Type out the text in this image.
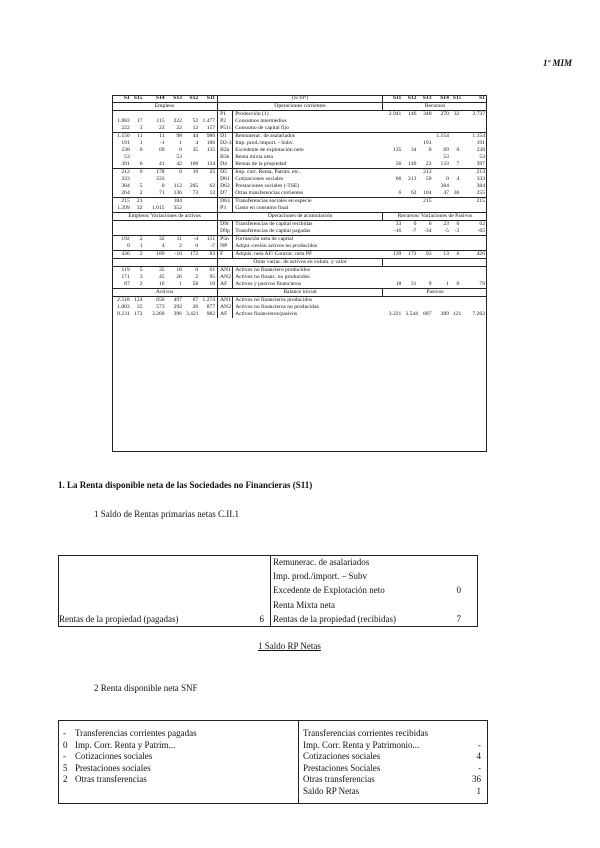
1º MIM
S1	S15	S14	S13	S12	S11	(S/10⁹)		S11	S12	S13	S14	S15	S1
Empleos						Operaciones corrientes		Recursos					
						P1	Producción (1)	2.941	146	348	270	32	3.737
1.883	17	115	222	52	1.477	P2	Consumos intermedios						
222	3	23	22	12	157	P51c	Consumo de capital fijo						
1.150	11	11	98	44	986	D1	Remunerac. de asalariados				1.154		1.154
191	1	-1	1	4	186	D2-3	Imp. prod./import. - Subv.			191			191
238	0	69	0	35	135	B2n	Excedente de explotación neto	135	34	0	69	0	238
53			53			B3n	Renta mixta neta				53		53
391	6	41	42	168	134	D4	Rentas de la propiedad	56	149	22	133	7	397
212	0	178	0	10	25	D5	Imp. corr. Renta, Patrim. etc.			213			213
333		333				D61	Cotizaciones sociales	66	213	50	0	4	333
384	5	0	112	205	62	D62	Prestaciones sociales (-TSE)				384		384
264	2	71	136	73	12	D7	Otras transferencias corrientes	6	62	104	47	36	255
215	21		184			D63	Transferencias sociales en especie			215			215
1.399	32	1.015	352			P3	Gasto en consumo final						
Empleos/ Variaciones de activos						Operaciones de acumulación		Recursos/ Variaciones de Pasivos					
						D9r	Transferencias de capital recibidas	33	0	6	23	0	62
						D9p	Transferencias de capital pagadas	-16	-7	-34	-5	-3	-65
192	2	32	11	-4	151	P5n	Formación neta de capital						
0	1	4	2	0	-7	NP	Adqui.-cesión activos no producidos						
436	2	189	-10	172	83	F	Adquis. neta AF/ Contrac. neta PF	139	173	93	13	6	426
						Otras variac. de activos en volum. y valor							
119	5	35	18	0	61	AN1	Activos no financiero producidos						
171	3	45	26	2	95	AN2	Activos no financ. no producidos						
87	2	16	1	58	10	AF	Activos y pasivos financieros	18	31	9	1	0	79
Activos						Balance inicial		Pasivos					
2.518	124	856	497	67	1.274	AN1	Activos no financieros producidos						
1.803	35	573	292	26	877	AN2	Activos no financieros no producidas						
8.231	172	3.260	396	3.421	982	AF	Activos financieros/pasivos	3.221	3.544	687	389	121	7.262
1. La Renta disponible neta de las Sociedades no Financieras (S11)
1 Saldo de Rentas primarias netas C.II.1
Rentas de la propiedad (pagadas)	6
Remunerac. de asalariados
Imp. prod./import. – Subv
Excedente de Explotación neto	0
Renta Mixta neta
Rentas de la propiedad (recibidas)	7
1 Saldo RP Netas
2 Renta disponible neta SNF
- Transferencias corrientes pagadas
0 Imp. Corr. Renta y Patrim...
- Cotizaciones sociales
5 Prestaciones sociales
2 Otras transferencias
Transferencias corrientes recibidas
Imp. Corr. Renta y Patrimonio...	-
Cotizaciones sociales	4
Prestaciones Sociales	-
Otras transferencias	36
Saldo RP Netas	1
